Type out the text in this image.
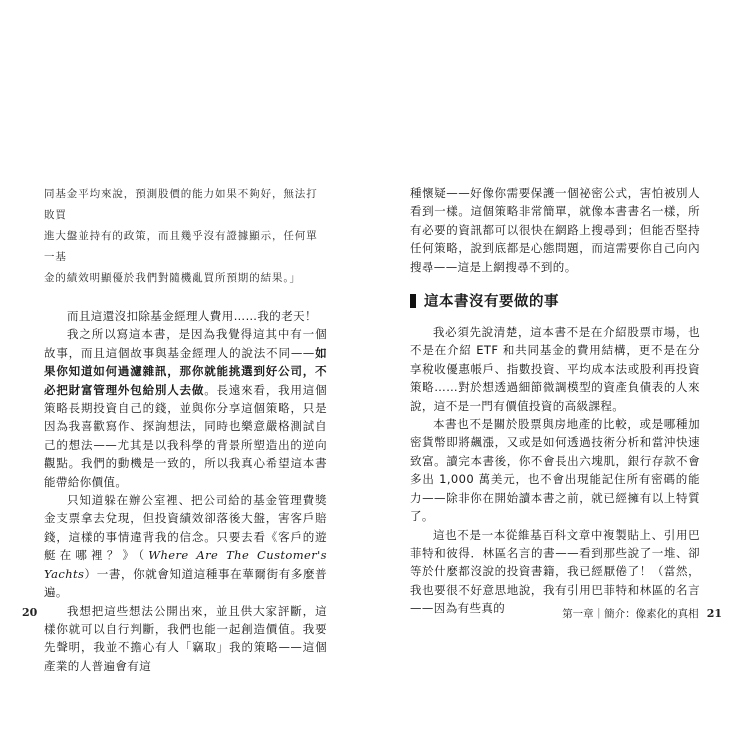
同基金平均來說，預測股價的能力如果不夠好，無法打敗買
進大盤並持有的政策，而且幾乎沒有證據顯示，任何單一基
金的績效明顯優於我們對隨機亂買所預期的結果。」

而且這還沒扣除基金經理人費用……我的老天！

我之所以寫這本書，是因為我覺得這其中有一個故事，而且這個故事與基金經理人的說法不同——如果你知道如何過濾雜訊，那你就能挑選到好公司，不必把財富管理外包給別人去做。長遠來看，我用這個策略長期投資自己的錢，並與你分享這個策略，只是因為我喜歡寫作、探詢想法，同時也樂意嚴格測試自己的想法——尤其是以我科學的背景所塑造出的逆向觀點。我們的動機是一致的，所以我真心希望這本書能帶給你價值。

只知道躲在辦公室裡、把公司給的基金管理費獎金支票拿去兌現，但投資績效卻落後大盤，害客戶賠錢，這樣的事情違背我的信念。只要去看《客戶的遊艇在哪裡？》（Where Are The Customer's Yachts）一書，你就會知道這種事在華爾街有多麼普遍。

我想把這些想法公開出來，並且供大家評斷，這樣你就可以自行判斷，我們也能一起創造價值。我要先聲明，我並不擔心有人「竊取」我的策略——這個產業的人普遍會有這

種懷疑——好像你需要保護一個祕密公式，害怕被別人看到一樣。這個策略非常簡單，就像本書書名一樣，所有必要的資訊都可以很快在網路上搜尋到；但能否堅持任何策略，說到底都是心態問題，而這需要你自己向內搜尋——這是上網搜尋不到的。

這本書沒有要做的事

我必須先說清楚，這本書不是在介紹股票市場，也不是在介紹 ETF 和共同基金的費用結構，更不是在分享稅收優惠帳戶、指數投資、平均成本法或股利再投資策略……對於想透過細節微調模型的資產負債表的人來說，這不是一門有價值投資的高級課程。

本書也不是關於股票與房地產的比較，或是哪種加密貨幣即將飆漲，又或是如何透過技術分析和當沖快速致富。讀完本書後，你不會長出六塊肌，銀行存款不會多出 1,000 萬美元，也不會出現能記住所有密碼的能力——除非你在開始讀本書之前，就已經擁有以上特質了。

這也不是一本從維基百科文章中複製貼上、引用巴菲特和彼得．林區名言的書——看到那些說了一堆、卻等於什麼都沒說的投資書籍，我已經厭倦了！（當然，我也要很不好意思地說，我有引用巴菲特和林區的名言——因為有些真的

20	第一章｜簡介：像素化的真相 21
